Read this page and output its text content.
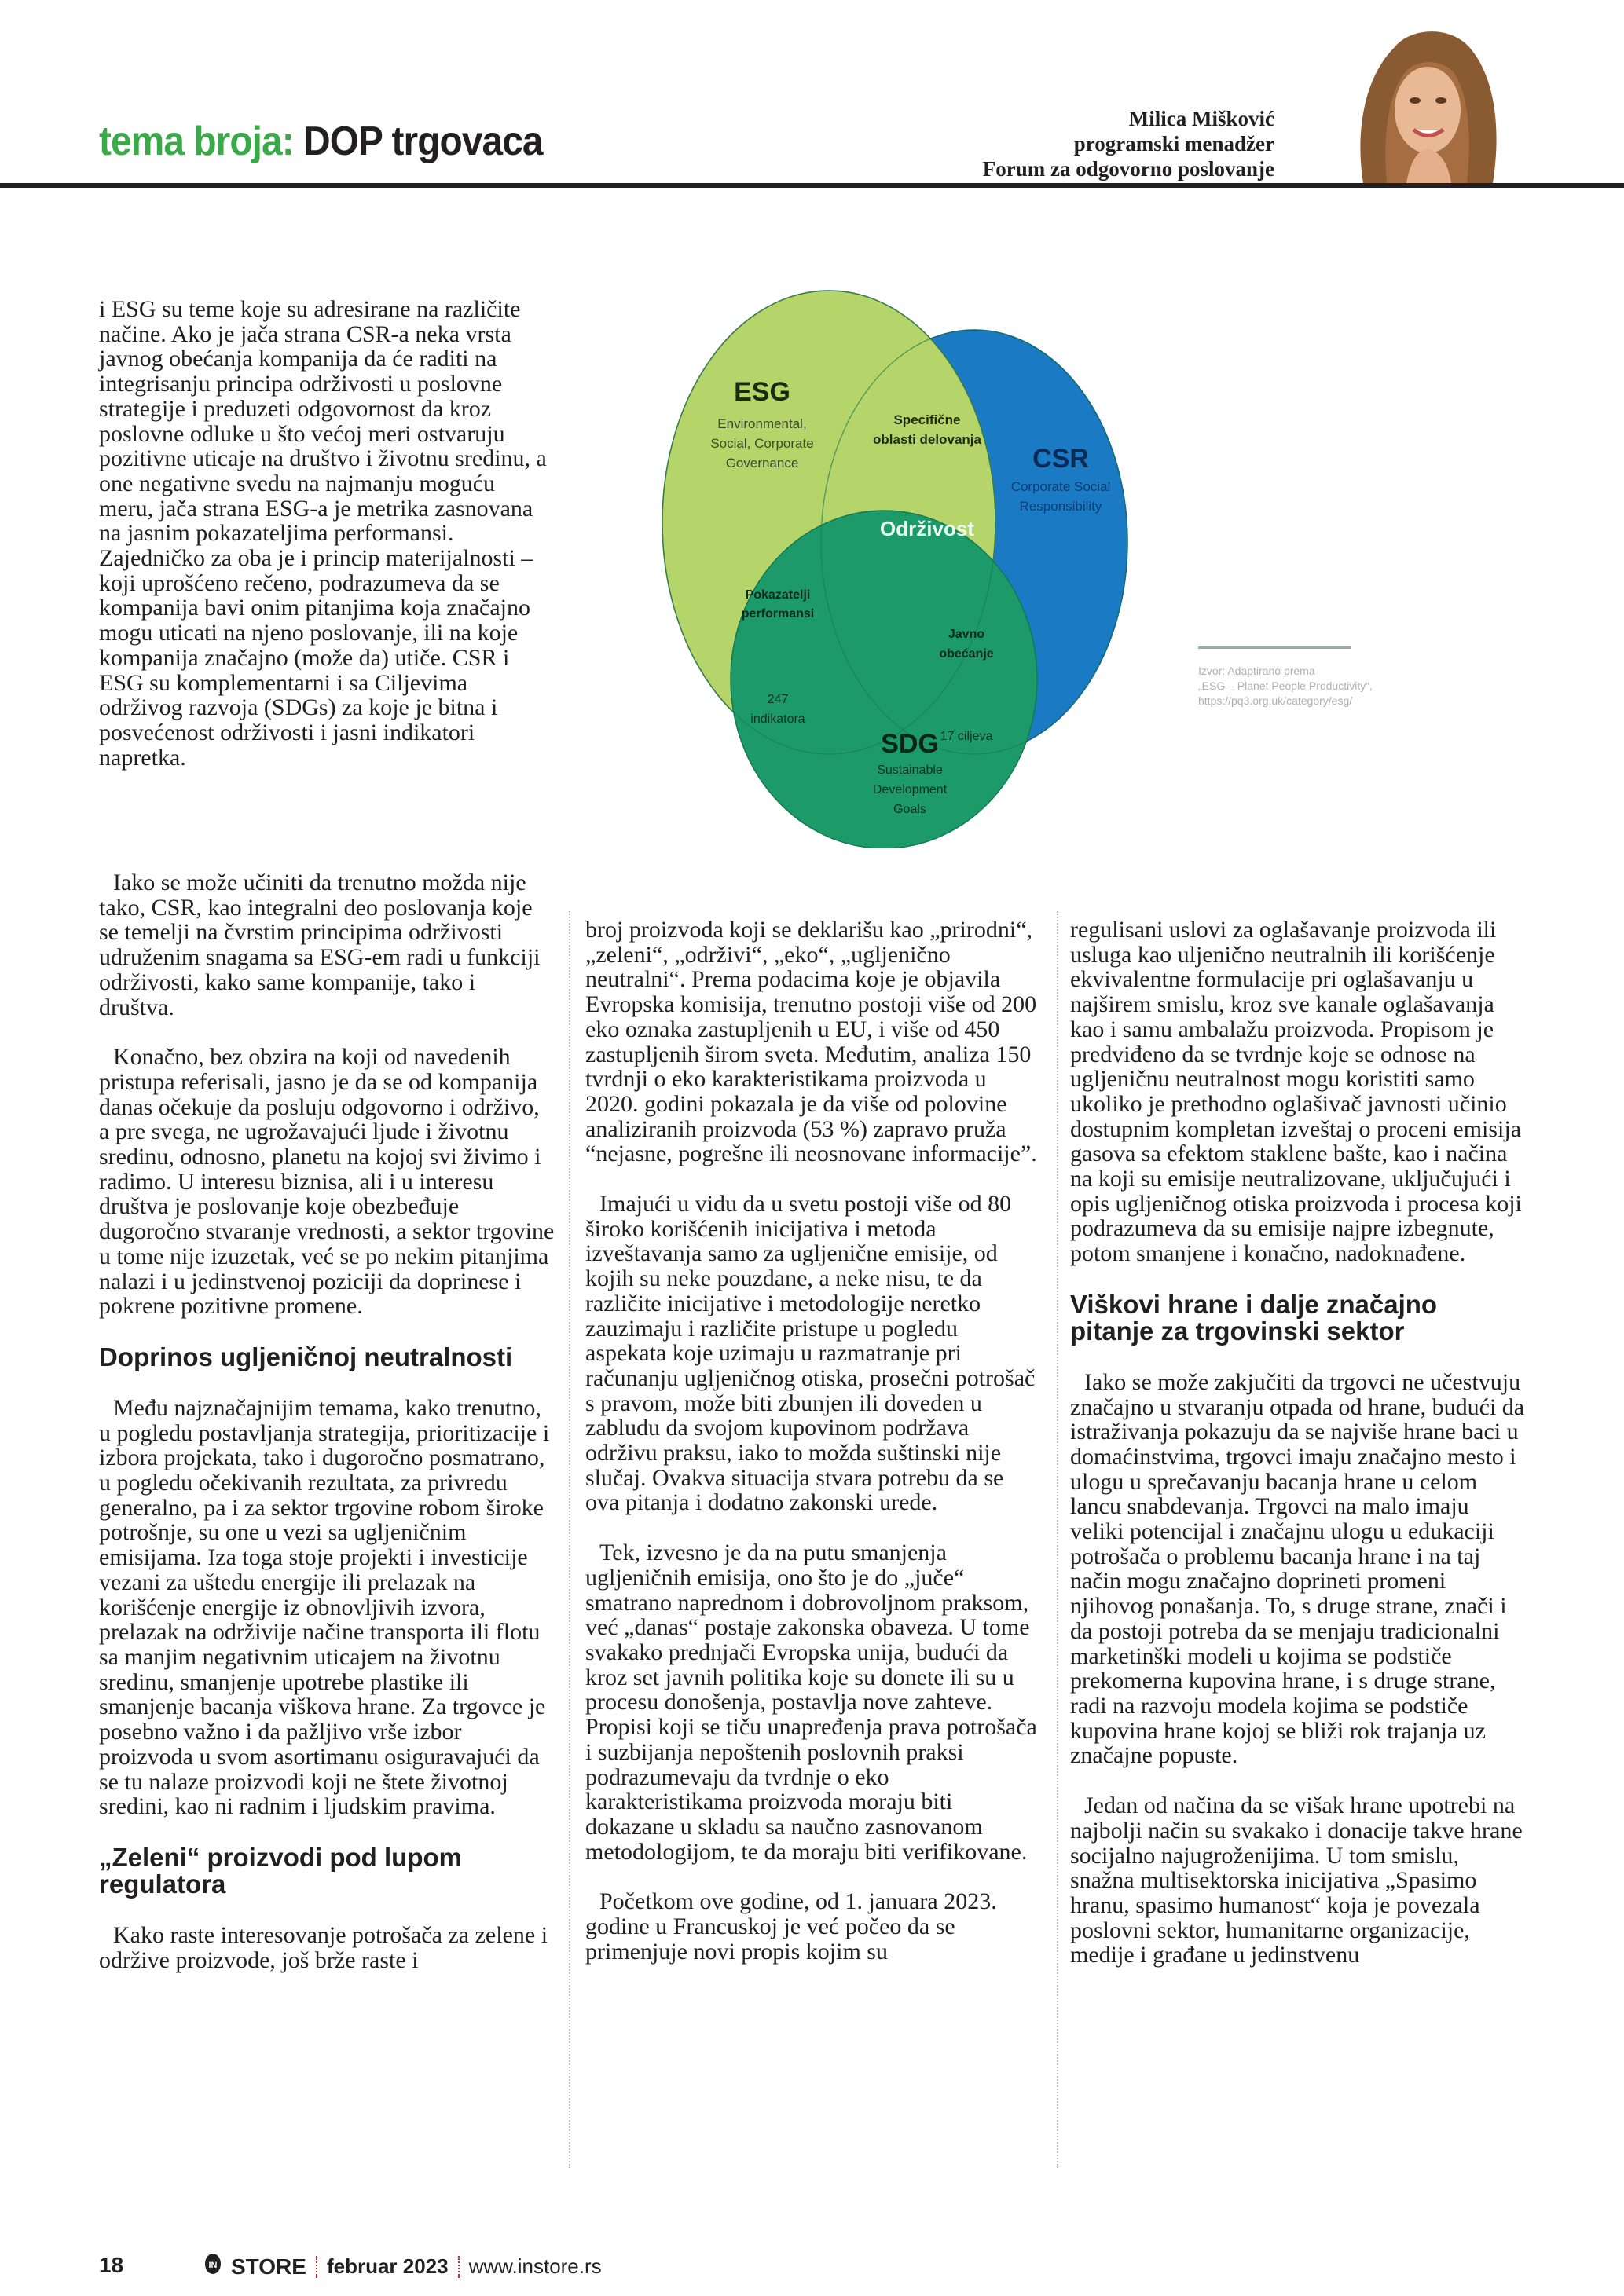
tema broja: DOP trgovaca	Milica Mišković
programski menadžer
Forum za odgovorno poslovanje
ESG
Environmental,
Social, Corporate
Governance	CSR
Corporate Social
Responsibility
Specifične
oblasti delovanja
Održivost
Pokazatelji
performansi
Javno
obećanje
247
indikatora
17 ciljeva
SDG
Sustainable
Development
Goals
Izvor: Adaptirano prema
„ESG – Planet People Productivity“,
https://pq3.org.uk/category/esg/

i ESG su teme koje su adresirane na različite načine. Ako je jača strana CSR-a neka vrsta javnog obećanja kompanija da će raditi na integrisanju principa održivosti u poslovne strategije i preduzeti odgovornost da kroz poslovne odluke u što većoj meri ostvaruju pozitivne uticaje na društvo i životnu sredinu, a one negativne svedu na najmanju moguću meru, jača strana ESG-a je metrika zasnovana na jasnim pokazateljima performansi. Zajedničko za oba je i princip materijalnosti – koji uprošćeno rečeno, podrazumeva da se kompanija bavi onim pitanjima koja značajno mogu uticati na njeno poslovanje, ili na koje kompanija značajno (može da) utiče. CSR i ESG su komplementarni i sa Ciljevima održivog razvoja (SDGs) za koje je bitna i posvećenost održivosti i jasni indikatori napretka.

Iako se može učiniti da trenutno možda nije tako, CSR, kao integralni deo poslovanja koje se temelji na čvrstim principima održivosti udruženim snagama sa ESG-em radi u funkciji održivosti, kako same kompanije, tako i društva.

Konačno, bez obzira na koji od navedenih pristupa referisali, jasno je da se od kompanija danas očekuje da posluju odgovorno i održivo, a pre svega, ne ugrožavajući ljude i životnu sredinu, odnosno, planetu na kojoj svi živimo i radimo. U interesu biznisa, ali i u interesu društva je poslovanje koje obezbeđuje dugoročno stvaranje vrednosti, a sektor trgovine u tome nije izuzetak, već se po nekim pitanjima nalazi i u jedinstvenoj poziciji da doprinese i pokrene pozitivne promene.

Doprinos ugljeničnoj neutralnosti

Među najznačajnijim temama, kako trenutno, u pogledu postavljanja strategija, prioritizacije i izbora projekata, tako i dugoročno posmatrano, u pogledu očekivanih rezultata, za privredu generalno, pa i za sektor trgovine robom široke potrošnje, su one u vezi sa ugljeničnim emisijama. Iza toga stoje projekti i investicije vezani za uštedu energije ili prelazak na korišćenje energije iz obnovljivih izvora, prelazak na održivije načine transporta ili flotu sa manjim negativnim uticajem na životnu sredinu, smanjenje upotrebe plastike ili smanjenje bacanja viškova hrane. Za trgovce je posebno važno i da pažljivo vrše izbor proizvoda u svom asortimanu osiguravajući da se tu nalaze proizvodi koji ne štete životnoj sredini, kao ni radnim i ljudskim pravima.

„Zeleni“ proizvodi pod lupom regulatora

Kako raste interesovanje potrošača za zelene i održive proizvode, još brže raste i

broj proizvoda koji se deklarišu kao „prirodni“, „zeleni“, „održivi“, „eko“, „ugljenično neutralni“. Prema podacima koje je objavila Evropska komisija, trenutno postoji više od 200 eko oznaka zastupljenih u EU, i više od 450 zastupljenih širom sveta. Međutim, analiza 150 tvrdnji o eko karakteristikama proizvoda u 2020. godini pokazala je da više od polovine analiziranih proizvoda (53 %) zapravo pruža “nejasne, pogrešne ili neosnovane informacije”.

Imajući u vidu da u svetu postoji više od 80 široko korišćenih inicijativa i metoda izveštavanja samo za ugljenične emisije, od kojih su neke pouzdane, a neke nisu, te da različite inicijative i metodologije neretko zauzimaju i različite pristupe u pogledu aspekata koje uzimaju u razmatranje pri računanju ugljeničnog otiska, prosečni potrošač s pravom, može biti zbunjen ili doveden u zabludu da svojom kupovinom podržava održivu praksu, iako to možda suštinski nije slučaj. Ovakva situacija stvara potrebu da se ova pitanja i dodatno zakonski urede.

Tek, izvesno je da na putu smanjenja ugljeničnih emisija, ono što je do „juče“ smatrano naprednom i dobrovoljnom praksom, već „danas“ postaje zakonska obaveza. U tome svakako prednjači Evropska unija, budući da kroz set javnih politika koje su donete ili su u procesu donošenja, postavlja nove zahteve. Propisi koji se tiču unapređenja prava potrošača i suzbijanja nepoštenih poslovnih praksi podrazumevaju da tvrdnje o eko karakteristikama proizvoda moraju biti dokazane u skladu sa naučno zasnovanom metodologijom, te da moraju biti verifikovane.

Početkom ove godine, od 1. januara 2023. godine u Francuskoj je već počeo da se primenjuje novi propis kojim su

regulisani uslovi za oglašavanje proizvoda ili usluga kao uljenično neutralnih ili korišćenje ekvivalentne formulacije pri oglašavanju u najširem smislu, kroz sve kanale oglašavanja kao i samu ambalažu proizvoda. Propisom je predviđeno da se tvrdnje koje se odnose na ugljeničnu neutralnost mogu koristiti samo ukoliko je prethodno oglašivač javnosti učinio dostupnim kompletan izveštaj o proceni emisija gasova sa efektom staklene bašte, kao i načina na koji su emisije neutralizovane, uključujući i opis ugljeničnog otiska proizvoda i procesa koji podrazumeva da su emisije najpre izbegnute, potom smanjene i konačno, nadoknađene.

Viškovi hrane i dalje značajno pitanje za trgovinski sektor

Iako se može zakjučiti da trgovci ne učestvuju značajno u stvaranju otpada od hrane, budući da istraživanja pokazuju da se najviše hrane baci u domaćinstvima, trgovci imaju značajno mesto i ulogu u sprečavanju bacanja hrane u celom lancu snabdevanja. Trgovci na malo imaju veliki potencijal i značajnu ulogu u edukaciji potrošača o problemu bacanja hrane i na taj način mogu značajno doprineti promeni njihovog ponašanja. To, s druge strane, znači i da postoji potreba da se menjaju tradicionalni marketinški modeli u kojima se podstiče prekomerna kupovina hrane, i s druge strane, radi na razvoju modela kojima se podstiče kupovina hrane kojoj se bliži rok trajanja uz značajne popuste.

Jedan od načina da se višak hrane upotrebi na najbolji način su svakako i donacije takve hrane socijalno najugroženijima. U tom smislu, snažna multisektorska inicijativa „Spasimo hranu, spasimo humanost“ koja je povezala poslovni sektor, humanitarne organizacije, medije i građane u jedinstvenu

18	IN STORE februar 2023 www.instore.rs
